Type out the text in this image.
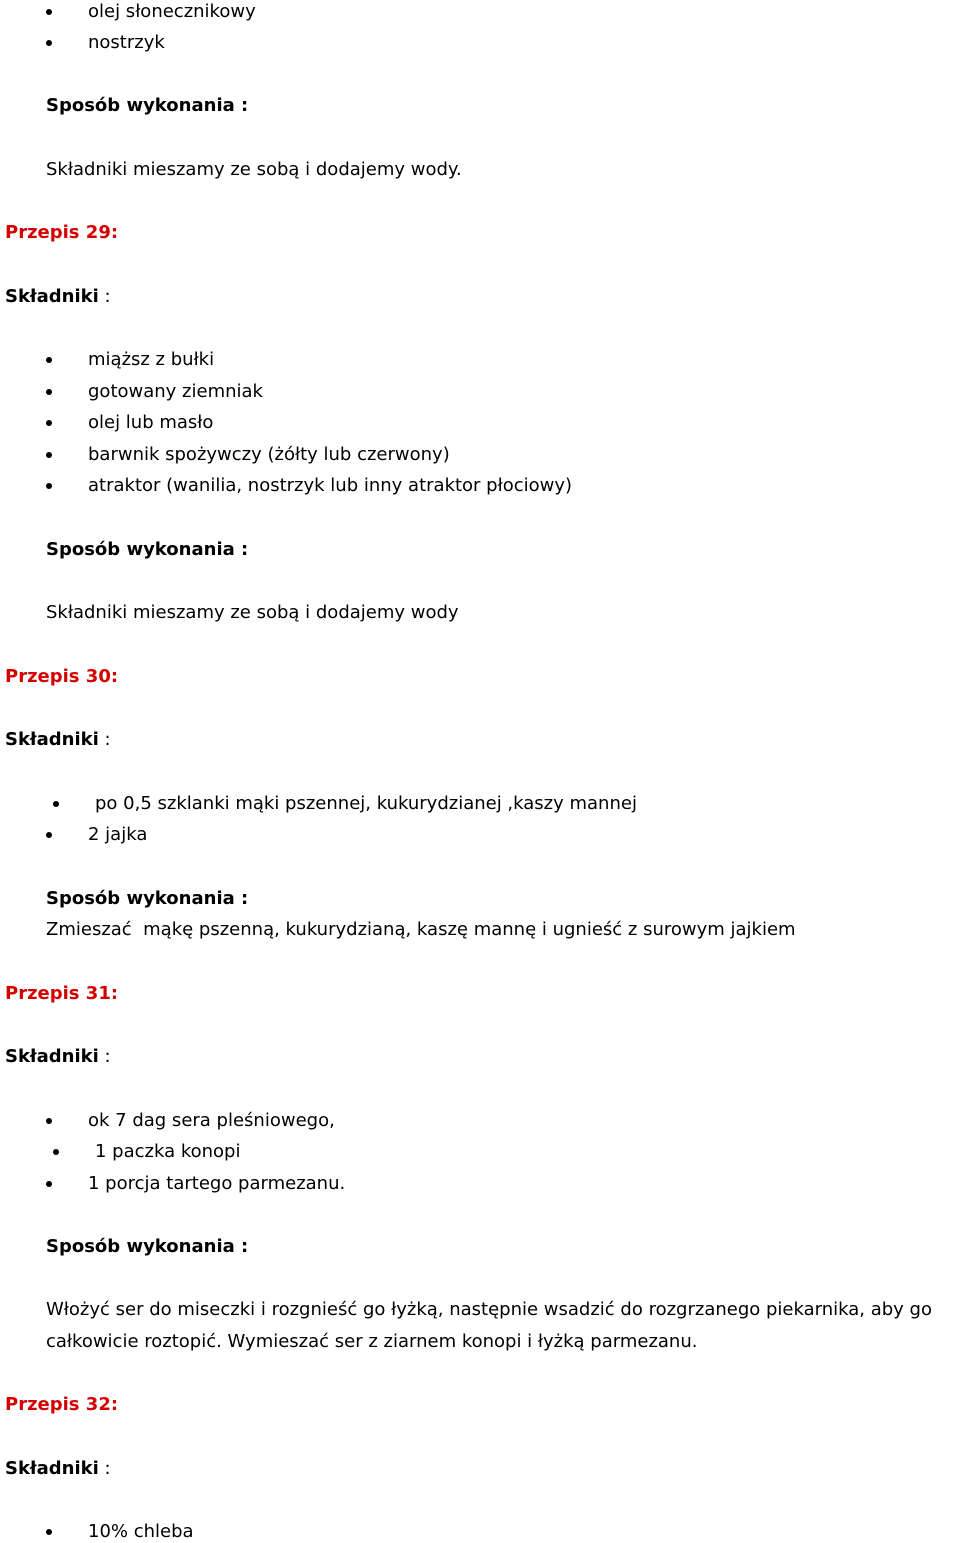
olej słonecznikowy
nostrzyk
Sposób wykonania :
Składniki mieszamy ze sobą i dodajemy wody.
Przepis 29:
Składniki :
miąższ z bułki
gotowany ziemniak
olej lub masło
barwnik spożywczy (żółty lub czerwony)
atraktor (wanilia, nostrzyk lub inny atraktor płociowy)
Sposób wykonania :
Składniki mieszamy ze sobą i dodajemy wody
Przepis 30:
Składniki :
po 0,5 szklanki mąki pszennej, kukurydzianej ,kaszy mannej
2 jajka
Sposób wykonania :
Zmieszać  mąkę pszenną, kukurydzianą, kaszę mannę i ugnieść z surowym jajkiem
Przepis 31:
Składniki :
ok 7 dag sera pleśniowego,
1 paczka konopi
1 porcja tartego parmezanu.
Sposób wykonania :
Włożyć ser do miseczki i rozgnieść go łyżką, następnie wsadzić do rozgrzanego piekarnika, aby go
całkowicie roztopić. Wymieszać ser z ziarnem konopi i łyżką parmezanu.
Przepis 32:
Składniki :
10% chleba
